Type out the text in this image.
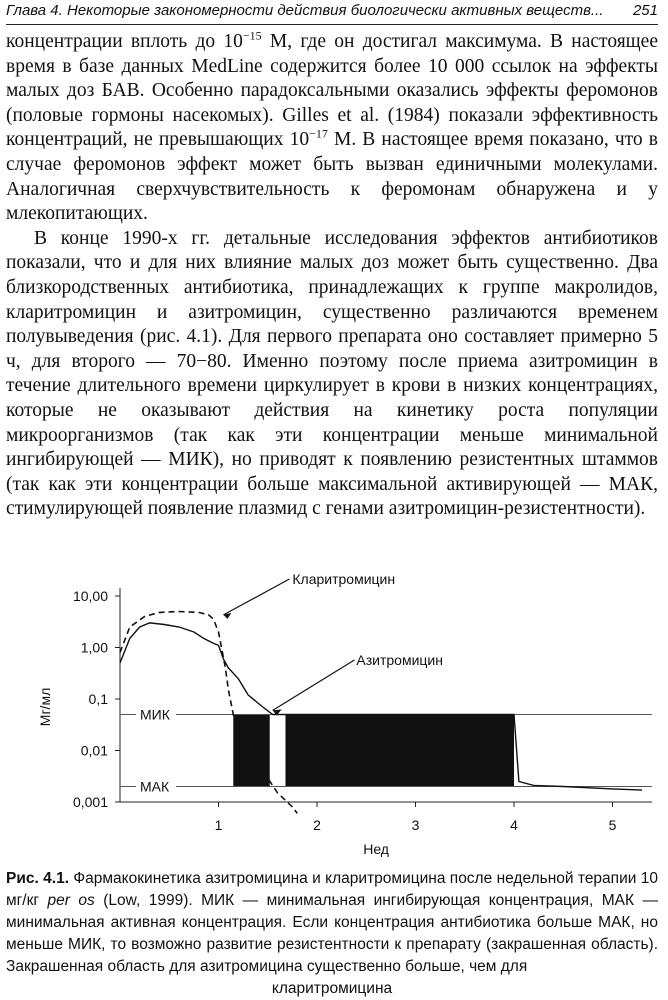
Глава 4. Некоторые закономерности действия биологически активных веществ... 251

концентрации вплоть до $10^{-15}$ М, где он достигал максимума. В настоящее время в базе данных MedLine содержится более 10 000 ссылок на эффекты малых доз БАВ. Особенно парадоксальными оказались эффекты феромонов (половые гормоны насекомых). Gilles et al. (1984) показали эффективность концентраций, не превышающих $10^{-17}$ М. В настоящее время показано, что в случае феромонов эффект может быть вызван единичными молекулами. Аналогичная сверхчувствительность к феромонам обнаружена и у млекопитающих.

В конце 1990-х гг. детальные исследования эффектов антибиотиков показали, что и для них влияние малых доз может быть существенно. Два близкородственных антибиотика, принадлежащих к группе макролидов, кларитромицин и азитромицин, существенно различаются временем полувыведения (рис. 4.1). Для первого препарата оно составляет примерно 5 ч, для второго — 70−80. Именно поэтому после приема азитромицин в течение длительного времени циркулирует в крови в низких концентрациях, которые не оказывают действия на кинетику роста популяции микроорганизмов (так как эти концентрации меньше минимальной ингибирующей — МИК), но приводят к появлению резистентных штаммов (так как эти концентрации больше максимальной активирующей — МАК, стимулирующей появление плазмид с генами азитромицин-резистентности).

10,00
1,00
0,1
0,01
0,001
1	2	3	4	5
Мг/мл
Нед
МИК
МАК
Кларитромицин
Азитромицин
Рис. 4.1. Фармакокинетика азитромицина и кларитромицина после недельной терапии 10 мг/кг per os (Low, 1999). МИК — минимальная ингибирующая концентрация, МАК — минимальная активная концентрация. Если концентрация антибиотика больше МАК, но меньше МИК, то возможно развитие резистентности к препарату (закрашенная область). Закрашенная область для азитромицина существенно больше, чем для
кларитромицина
